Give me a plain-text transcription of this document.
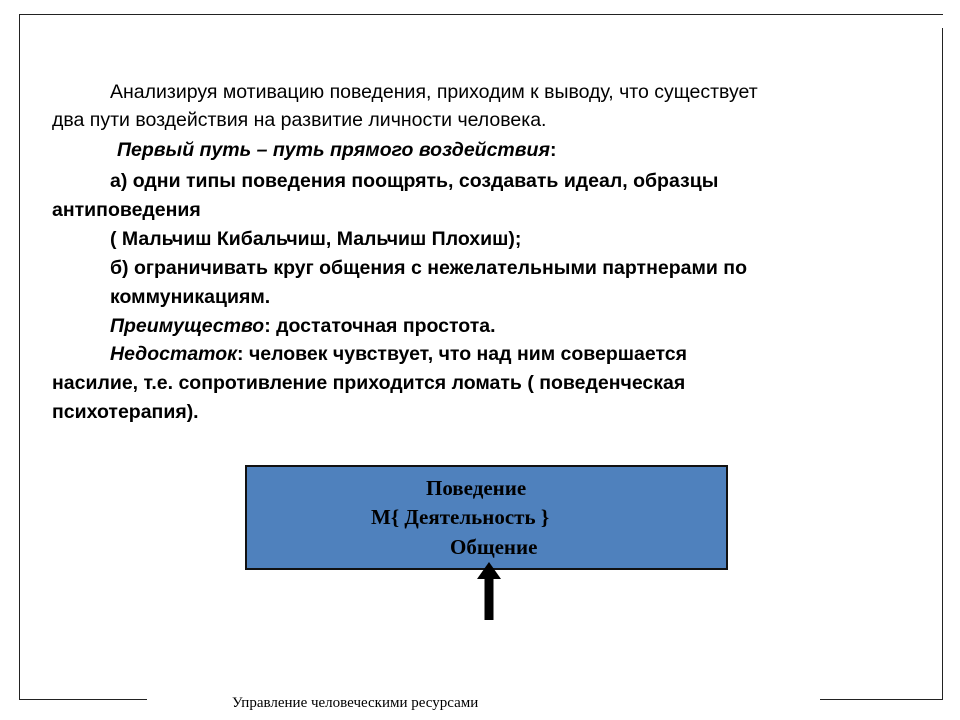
Анализируя мотивацию поведения, приходим к выводу, что существует
два пути воздействия на развитие личности человека.
Первый путь – путь прямого воздействия:
а) одни типы поведения поощрять, создавать идеал, образцы
антиповедения
( Мальчиш Кибальчиш, Мальчиш Плохиш);
б) ограничивать круг общения с нежелательными партнерами по
коммуникациям.
Преимущество: достаточная простота.
Недостаток: человек чувствует, что над ним совершается
насилие, т.е. сопротивление приходится ломать ( поведенческая
психотерапия).
Поведение
М{ Деятельность }
Общение
Управление человеческими ресурсами
